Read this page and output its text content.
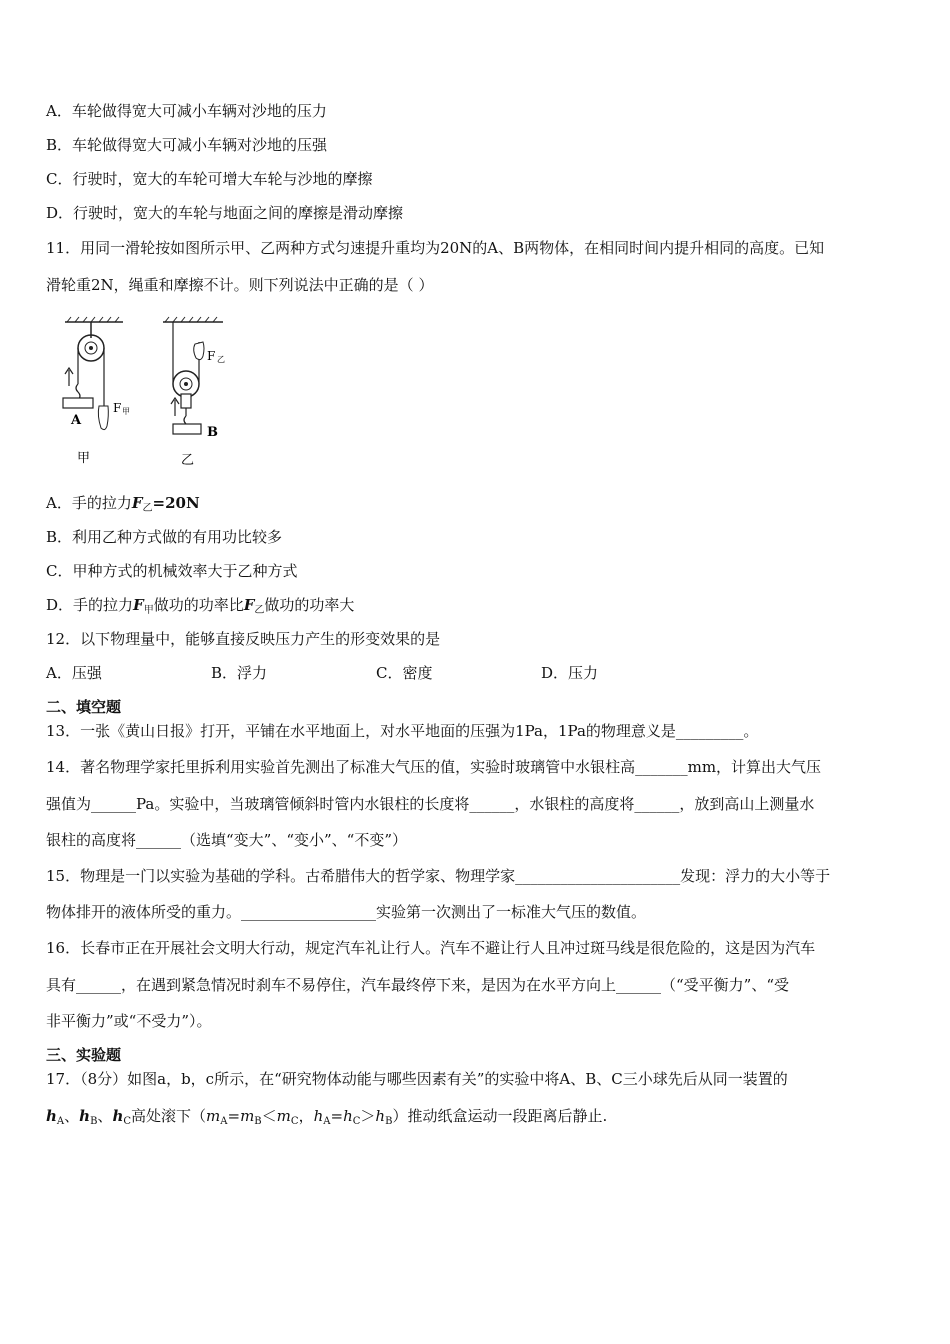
A．车轮做得宽大可减小车辆对沙地的压力
B．车轮做得宽大可减小车辆对沙地的压强
C．行驶时，宽大的车轮可增大车轮与沙地的摩擦
D．行驶时，宽大的车轮与地面之间的摩擦是滑动摩擦
11．用同一滑轮按如图所示甲、乙两种方式匀速提升重均为20N的A、B两物体，在相同时间内提升相同的高度。已知
滑轮重2N，绳重和摩擦不计。则下列说法中正确的是（ ）
A
F 甲
甲
F 乙
B
乙
A．手的拉力$F_乙=20N$
B．利用乙种方式做的有用功比较多
C．甲种方式的机械效率大于乙种方式
D．手的拉力$F_甲$做功的功率比$F_乙$做功的功率大
12．以下物理量中，能够直接反映压力产生的形变效果的是
A．压强	B．浮力	C．密度	D．压力
二、填空题
13．一张《黄山日报》打开，平铺在水平地面上，对水平地面的压强为1Pa，1Pa的物理意义是_________。
14．著名物理学家托里拆利用实验首先测出了标准大气压的值，实验时玻璃管中水银柱高_______mm，计算出大气压
强值为______Pa。实验中，当玻璃管倾斜时管内水银柱的长度将______，水银柱的高度将______，放到高山上测量水
银柱的高度将______（选填“变大”、“变小”、“不变”）
15．物理是一门以实验为基础的学科。古希腊伟大的哲学家、物理学家______________________发现：浮力的大小等于
物体排开的液体所受的重力。__________________实验第一次测出了一标准大气压的数值。
16．长春市正在开展社会文明大行动，规定汽车礼让行人。汽车不避让行人且冲过斑马线是很危险的，这是因为汽车
具有______，在遇到紧急情况时刹车不易停住，汽车最终停下来，是因为在水平方向上______（“受平衡力”、“受
非平衡力”或“不受力”）。
三、实验题
17．（8分）如图a，b，c所示，在“研究物体动能与哪些因素有关”的实验中将A、B、C三小球先后从同一装置的
$h_A$、$h_B$、$h_C$高处滚下（$m_A=m_B<m_C$，$h_A=h_C>h_B$）推动纸盒运动一段距离后静止.
